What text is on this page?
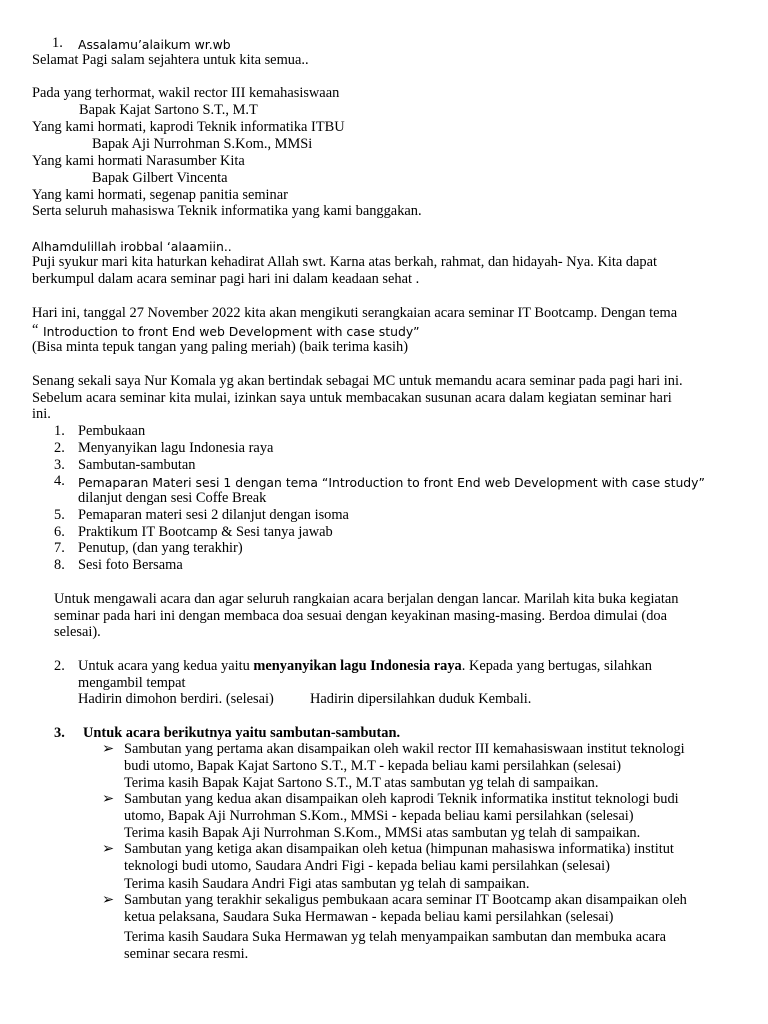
1. Assalamu’alaikum wr.wb
Selamat Pagi salam sejahtera untuk kita semua..
Pada yang terhormat, wakil rector III kemahasiswaan
Bapak Kajat Sartono S.T., M.T
Yang kami hormati, kaprodi Teknik informatika ITBU
Bapak Aji Nurrohman S.Kom., MMSi
Yang kami hormati Narasumber Kita
Bapak Gilbert Vincenta
Yang kami hormati, segenap panitia seminar
Serta seluruh mahasiswa Teknik informatika yang kami banggakan.
Alhamdulillah irobbal ‘alaamiin..
Puji syukur mari kita haturkan kehadirat Allah swt. Karna atas berkah, rahmat, dan hidayah- Nya. Kita dapat
berkumpul dalam acara seminar pagi hari ini dalam keadaan sehat .
Hari ini, tanggal 27 November 2022 kita akan mengikuti serangkaian acara seminar IT Bootcamp. Dengan tema
“ Introduction to front End web Development with case study”
(Bisa minta tepuk tangan yang paling meriah) (baik terima kasih)
Senang sekali saya Nur Komala yg akan bertindak sebagai MC untuk memandu acara seminar pada pagi hari ini.
Sebelum acara seminar kita mulai, izinkan saya untuk membacakan susunan acara dalam kegiatan seminar hari
ini.
1. Pembukaan
2. Menyanyikan lagu Indonesia raya
3. Sambutan-sambutan
4. Pemaparan Materi sesi 1 dengan tema “Introduction to front End web Development with case study”
dilanjut dengan sesi Coffe Break
5. Pemaparan materi sesi 2 dilanjut dengan isoma
6. Praktikum IT Bootcamp & Sesi tanya jawab
7. Penutup, (dan yang terakhir)
8. Sesi foto Bersama
Untuk mengawali acara dan agar seluruh rangkaian acara berjalan dengan lancar. Marilah kita buka kegiatan
seminar pada hari ini dengan membaca doa sesuai dengan keyakinan masing-masing. Berdoa dimulai (doa
selesai).
2. Untuk acara yang kedua yaitu menyanyikan lagu Indonesia raya. Kepada yang bertugas, silahkan
mengambil tempat
Hadirin dimohon berdiri. (selesai)	Hadirin dipersilahkan duduk Kembali.
3. Untuk acara berikutnya yaitu sambutan-sambutan.
➢ Sambutan yang pertama akan disampaikan oleh wakil rector III kemahasiswaan institut teknologi
budi utomo, Bapak Kajat Sartono S.T., M.T - kepada beliau kami persilahkan (selesai)
Terima kasih Bapak Kajat Sartono S.T., M.T atas sambutan yg telah di sampaikan.
➢ Sambutan yang kedua akan disampaikan oleh kaprodi Teknik informatika institut teknologi budi
utomo, Bapak Aji Nurrohman S.Kom., MMSi - kepada beliau kami persilahkan (selesai)
Terima kasih Bapak Aji Nurrohman S.Kom., MMSi atas sambutan yg telah di sampaikan.
➢ Sambutan yang ketiga akan disampaikan oleh ketua (himpunan mahasiswa informatika) institut
teknologi budi utomo, Saudara Andri Figi - kepada beliau kami persilahkan (selesai)
Terima kasih Saudara Andri Figi atas sambutan yg telah di sampaikan.
➢ Sambutan yang terakhir sekaligus pembukaan acara seminar IT Bootcamp akan disampaikan oleh
ketua pelaksana, Saudara Suka Hermawan - kepada beliau kami persilahkan (selesai)
Terima kasih Saudara Suka Hermawan yg telah menyampaikan sambutan dan membuka acara
seminar secara resmi.
